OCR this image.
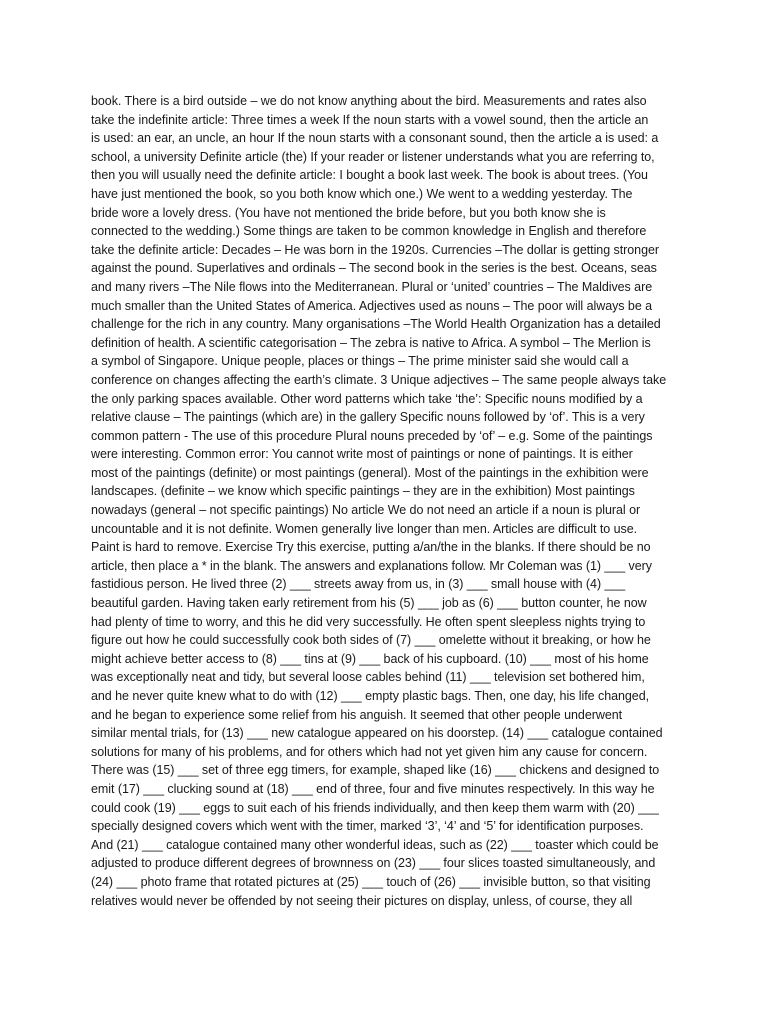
book. There is a bird outside – we do not know anything about the bird. Measurements and rates also
take the indefinite article: Three times a week If the noun starts with a vowel sound, then the article an
is used: an ear, an uncle, an hour If the noun starts with a consonant sound, then the article a is used: a
school, a university Definite article (the) If your reader or listener understands what you are referring to,
then you will usually need the definite article: I bought a book last week. The book is about trees. (You
have just mentioned the book, so you both know which one.) We went to a wedding yesterday. The
bride wore a lovely dress. (You have not mentioned the bride before, but you both know she is
connected to the wedding.) Some things are taken to be common knowledge in English and therefore
take the definite article: Decades – He was born in the 1920s. Currencies –The dollar is getting stronger
against the pound. Superlatives and ordinals – The second book in the series is the best. Oceans, seas
and many rivers –The Nile flows into the Mediterranean. Plural or ‘united’ countries – The Maldives are
much smaller than the United States of America. Adjectives used as nouns – The poor will always be a
challenge for the rich in any country. Many organisations –The World Health Organization has a detailed
definition of health. A scientific categorisation – The zebra is native to Africa. A symbol – The Merlion is
a symbol of Singapore. Unique people, places or things – The prime minister said she would call a
conference on changes affecting the earth’s climate. 3 Unique adjectives – The same people always take
the only parking spaces available. Other word patterns which take ‘the’: Specific nouns modified by a
relative clause – The paintings (which are) in the gallery Specific nouns followed by ‘of’. This is a very
common pattern - The use of this procedure Plural nouns preceded by ‘of’ – e.g. Some of the paintings
were interesting. Common error: You cannot write most of paintings or none of paintings. It is either
most of the paintings (definite) or most paintings (general). Most of the paintings in the exhibition were
landscapes. (definite – we know which specific paintings – they are in the exhibition) Most paintings
nowadays (general – not specific paintings) No article We do not need an article if a noun is plural or
uncountable and it is not definite. Women generally live longer than men. Articles are difficult to use.
Paint is hard to remove. Exercise Try this exercise, putting a/an/the in the blanks. If there should be no
article, then place a * in the blank. The answers and explanations follow. Mr Coleman was (1) ___ very
fastidious person. He lived three (2) ___ streets away from us, in (3) ___ small house with (4) ___
beautiful garden. Having taken early retirement from his (5) ___ job as (6) ___ button counter, he now
had plenty of time to worry, and this he did very successfully. He often spent sleepless nights trying to
figure out how he could successfully cook both sides of (7) ___ omelette without it breaking, or how he
might achieve better access to (8) ___ tins at (9) ___ back of his cupboard. (10) ___ most of his home
was exceptionally neat and tidy, but several loose cables behind (11) ___ television set bothered him,
and he never quite knew what to do with (12) ___ empty plastic bags. Then, one day, his life changed,
and he began to experience some relief from his anguish. It seemed that other people underwent
similar mental trials, for (13) ___ new catalogue appeared on his doorstep. (14) ___ catalogue contained
solutions for many of his problems, and for others which had not yet given him any cause for concern.
There was (15) ___ set of three egg timers, for example, shaped like (16) ___ chickens and designed to
emit (17) ___ clucking sound at (18) ___ end of three, four and five minutes respectively. In this way he
could cook (19) ___ eggs to suit each of his friends individually, and then keep them warm with (20) ___
specially designed covers which went with the timer, marked ‘3’, ‘4’ and ‘5’ for identification purposes.
And (21) ___ catalogue contained many other wonderful ideas, such as (22) ___ toaster which could be
adjusted to produce different degrees of brownness on (23) ___ four slices toasted simultaneously, and
(24) ___ photo frame that rotated pictures at (25) ___ touch of (26) ___ invisible button, so that visiting
relatives would never be offended by not seeing their pictures on display, unless, of course, they all
